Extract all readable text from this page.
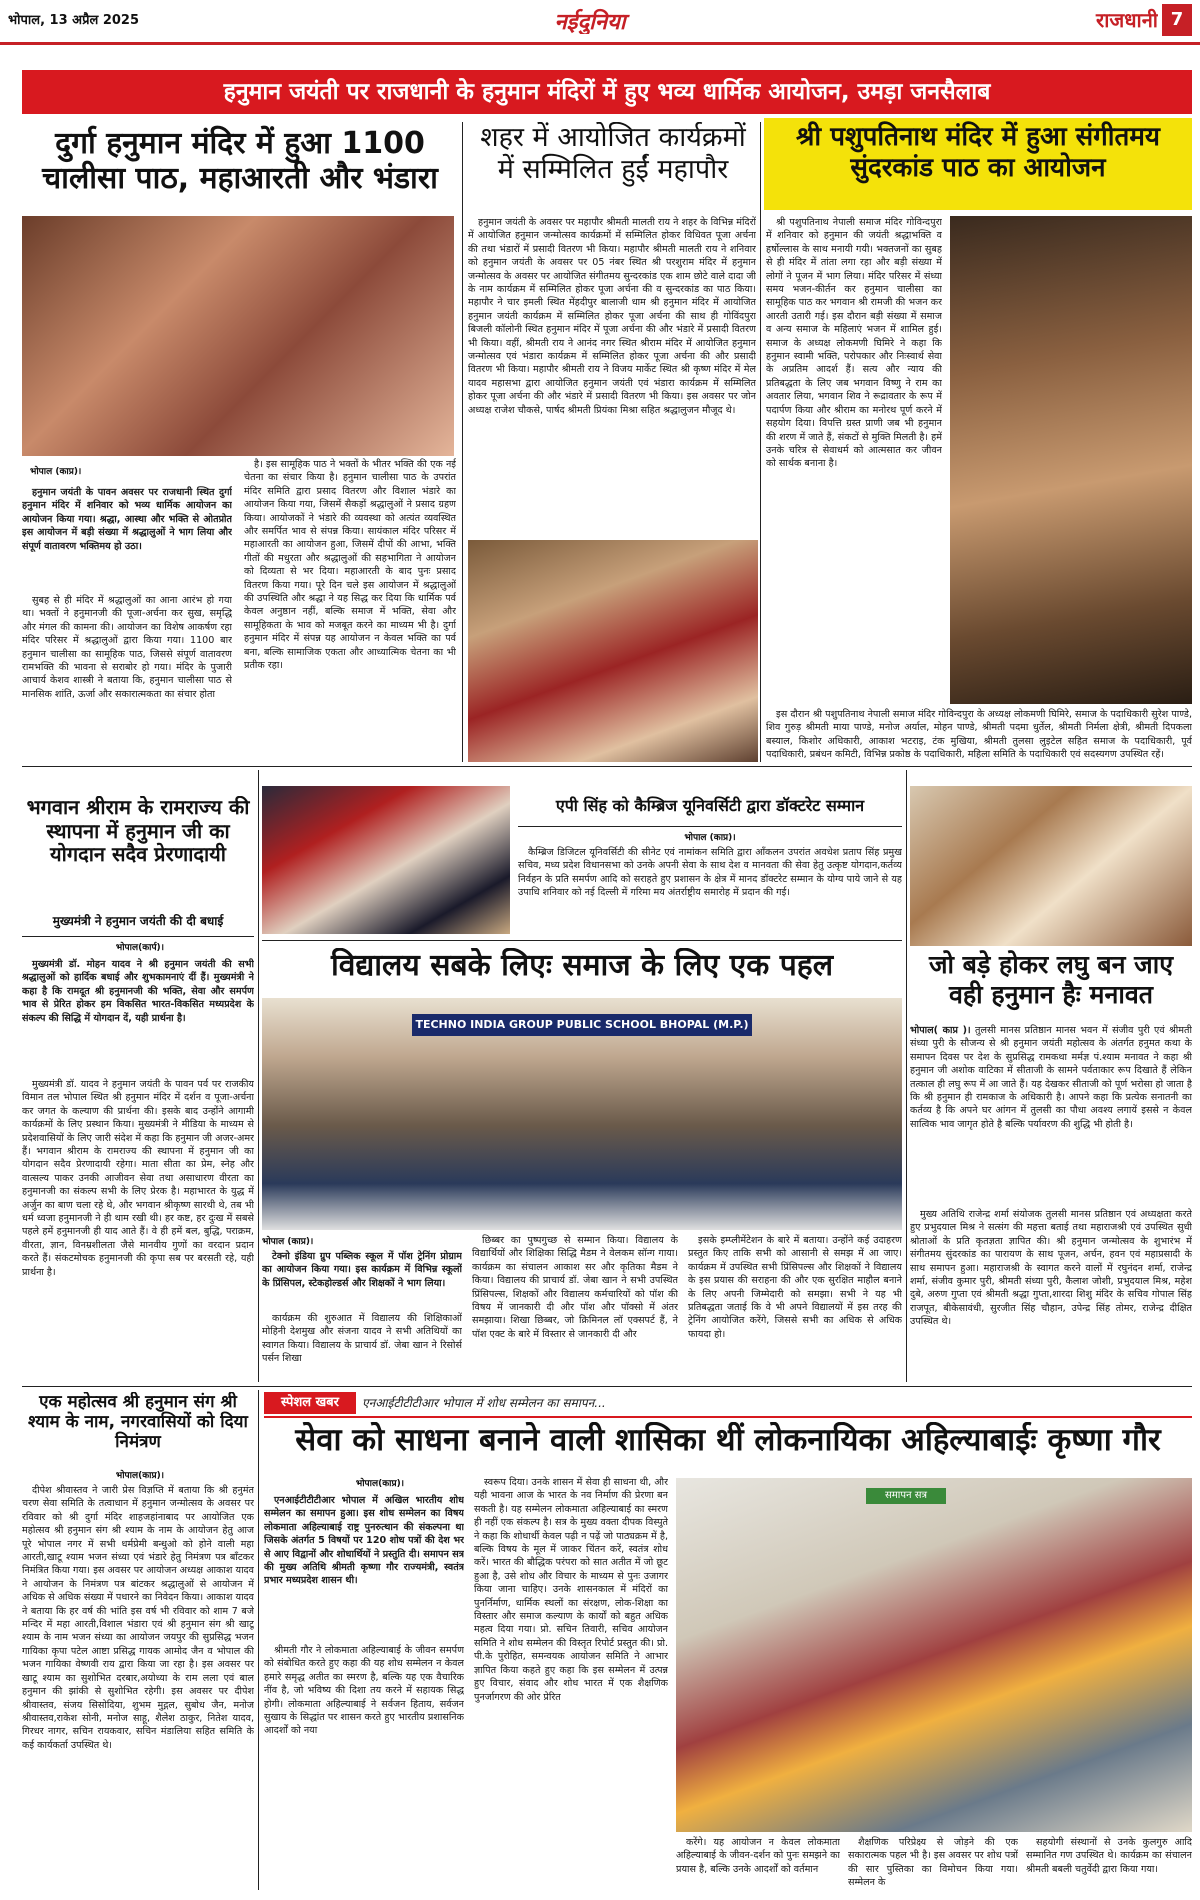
भोपाल, 13 अप्रैल 2025	नईदुनिया	राजधानी 7
हनुमान जयंती पर राजधानी के हनुमान मंदिरों में हुए भव्य धार्मिक आयोजन, उमड़ा जनसैलाब
दुर्गा हनुमान मंदिर में हुआ 1100 चालीसा पाठ, महाआरती और भंडारा
भोपाल (काप्र)।

हनुमान जयंती के पावन अवसर पर राजधानी स्थित दुर्गा हनुमान मंदिर में शनिवार को भव्य धार्मिक आयोजन का आयोजन किया गया। श्रद्धा, आस्था और भक्ति से ओतप्रोत इस आयोजन में बड़ी संख्या में श्रद्धालुओं ने भाग लिया और संपूर्ण वातावरण भक्तिमय हो उठा।

सुबह से ही मंदिर में श्रद्धालुओं का आना आरंभ हो गया था। भक्तों ने हनुमानजी की पूजा-अर्चना कर सुख, समृद्धि और मंगल की कामना की। आयोजन का विशेष आकर्षण रहा मंदिर परिसर में श्रद्धालुओं द्वारा किया गया। 1100 बार हनुमान चालीसा का सामूहिक पाठ, जिससे संपूर्ण वातावरण रामभक्ति की भावना से सराबोर हो गया। मंदिर के पुजारी आचार्य केशव शास्त्री ने बताया कि, हनुमान चालीसा पाठ से मानसिक शांति, ऊर्जा और सकारात्मकता का संचार होता

है। इस सामूहिक पाठ ने भक्तों के भीतर भक्ति की एक नई चेतना का संचार किया है। हनुमान चालीसा पाठ के उपरांत मंदिर समिति द्वारा प्रसाद वितरण और विशाल भंडारे का आयोजन किया गया, जिसमें सैकड़ों श्रद्धालुओं ने प्रसाद ग्रहण किया। आयोजकों ने भंडारे की व्यवस्था को अत्यंत व्यवस्थित और समर्पित भाव से संपन्न किया। सायंकाल मंदिर परिसर में महाआरती का आयोजन हुआ, जिसमें दीपों की आभा, भक्ति गीतों की मधुरता और श्रद्धालुओं की सहभागिता ने आयोजन को दिव्यता से भर दिया। महाआरती के बाद पुनः प्रसाद वितरण किया गया। पूरे दिन चले इस आयोजन में श्रद्धालुओं की उपस्थिति और श्रद्धा ने यह सिद्ध कर दिया कि धार्मिक पर्व केवल अनुष्ठान नहीं, बल्कि समाज में भक्ति, सेवा और सामूहिकता के भाव को मजबूत करने का माध्यम भी है। दुर्गा हनुमान मंदिर में संपन्न यह आयोजन न केवल भक्ति का पर्व बना, बल्कि सामाजिक एकता और आध्यात्मिक चेतना का भी प्रतीक रहा।

शहर में आयोजित कार्यक्रमों में सम्मिलित हुईं महापौर

हनुमान जयंती के अवसर पर महापौर श्रीमती मालती राय ने शहर के विभिन्न मंदिरों में आयोजित हनुमान जन्मोत्सव कार्यक्रमों में सम्मिलित होकर विधिवत पूजा अर्चना की तथा भंडारों में प्रसादी वितरण भी किया। महापौर श्रीमती मालती राय ने शनिवार को हनुमान जयंती के अवसर पर 05 नंबर स्थित श्री परशुराम मंदिर में हनुमान जन्मोत्सव के अवसर पर आयोजित संगीतमय सुन्दरकांड एक शाम छोटे वाले दादा जी के नाम कार्यक्रम में सम्मिलित होकर पूजा अर्चना की व सुन्दरकांड का पाठ किया। महापौर ने चार इमली स्थित मेंहदीपुर बालाजी धाम श्री हनुमान मंदिर में आयोजित हनुमान जयंती कार्यक्रम में सम्मिलित होकर पूजा अर्चना की साथ ही गोविंदपुरा बिजली कॉलोनी स्थित हनुमान मंदिर में पूजा अर्चना की और भंडारे में प्रसादी वितरण भी किया। वहीं, श्रीमती राय ने आनंद नगर स्थित श्रीराम मंदिर में आयोजित हनुमान जन्मोत्सव एवं भंडारा कार्यक्रम में सम्मिलित होकर पूजा अर्चना की और प्रसादी वितरण भी किया। महापौर श्रीमती राय ने विजय मार्केट स्थित श्री कृष्ण मंदिर में मेल यादव महासभा द्वारा आयोजित हनुमान जयंती एवं भंडारा कार्यक्रम में सम्मिलित होकर पूजा अर्चना की और भंडारे में प्रसादी वितरण भी किया। इस अवसर पर जोन अध्यक्ष राजेश चौकसे, पार्षद श्रीमती प्रियंका मिश्रा सहित श्रद्धालुजन मौजूद थे।

श्री पशुपतिनाथ मंदिर में हुआ संगीतमय सुंदरकांड पाठ का आयोजन

श्री पशुपतिनाथ नेपाली समाज मंदिर गोविन्दपुरा में शनिवार को हनुमान की जयंती श्रद्धाभक्ति व हर्षोल्लास के साथ मनायी गयी। भक्तजनों का सुबह से ही मंदिर में तांता लगा रहा और बड़ी संख्या में लोगों ने पूजन में भाग लिया। मंदिर परिसर में संध्या समय भजन-कीर्तन कर हनुमान चालीसा का सामूहिक पाठ कर भगवान श्री रामजी की भजन कर आरती उतारी गई। इस दौरान बड़ी संख्या में समाज व अन्य समाज के महिलाएं भजन में शामिल हुई। समाज के अध्यक्ष लोकमणी घिमिरे ने कहा कि हनुमान स्वामी भक्ति, परोपकार और निःस्वार्थ सेवा के अप्रतिम आदर्श हैं। सत्य और न्याय की प्रतिबद्धता के लिए जब भगवान विष्णु ने राम का अवतार लिया, भगवान शिव ने रूद्रावतार के रूप में पदार्पण किया और श्रीराम का मनोरथ पूर्ण करने में सहयोग दिया। विपत्ति ग्रस्त प्राणी जब भी हनुमान की शरण में जाते हैं, संकटों से मुक्ति मिलती है। हमें उनके चरित्र से सेवाधर्म को आत्मसात कर जीवन को सार्थक बनाना है।

इस दौरान श्री पशुपतिनाथ नेपाली समाज मंदिर गोविन्दपुरा के अध्यक्ष लोकमणी घिमिरे, समाज के पदाधिकारी सुरेश पाण्डे, शिव गुरुड़ श्रीमती माया पाण्डे, मनोज अर्याल, मोहन पाण्डे, श्रीमती पदमा धुर्तेल, श्रीमती निर्मला क्षेत्री, श्रीमती दिपकला बस्याल, किशोर अधिकारी, आकाश भटराइ, टंक मुखिया, श्रीमती तुलसा लुइटेल सहित समाज के पदाधिकारी, पूर्व पदाधिकारी, प्रबंधन कमिटी, विभिन्न प्रकोष्ठ के पदाधिकारी, महिला समिति के पदाधिकारी एवं सदस्यगण उपस्थित रहें।

भगवान श्रीराम के रामराज्य की स्थापना में हनुमान जी का योगदान सदैव प्रेरणादायी
मुख्यमंत्री ने हनुमान जयंती की दी बधाई
भोपाल(कार्प)।

मुख्यमंत्री डॉ. मोहन यादव ने श्री हनुमान जयंती की सभी श्रद्धालुओं को हार्दिक बधाई और शुभकामनाएं दीं हैं। मुख्यमंत्री ने कहा है कि रामदूत श्री हनुमानजी की भक्ति, सेवा और समर्पण भाव से प्रेरित होकर हम विकसित भारत-विकसित मध्यप्रदेश के संकल्प की सिद्धि में योगदान दें, यही प्रार्थना है।

मुख्यमंत्री डॉ. यादव ने हनुमान जयंती के पावन पर्व पर राजकीय विमान तल भोपाल स्थित श्री हनुमान मंदिर में दर्शन व पूजा-अर्चना कर जगत के कल्याण की प्रार्थना की। इसके बाद उन्होंने आगामी कार्यक्रमों के लिए प्रस्थान किया। मुख्यमंत्री ने मीडिया के माध्यम से प्रदेशवासियों के लिए जारी संदेश में कहा कि हनुमान जी अजर-अमर हैं। भगवान श्रीराम के रामराज्य की स्थापना में हनुमान जी का योगदान सदैव प्रेरणादायी रहेगा। माता सीता का प्रेम, स्नेह और वात्सल्य पाकर उनकी आजीवन सेवा तथा असाधारण वीरता का हनुमानजी का संकल्प सभी के लिए प्रेरक है। महाभारत के युद्ध में अर्जुन का बाण चला रहे थे, और भगवान श्रीकृष्ण सारथी थे, तब भी धर्म ध्वजा हनुमानजी ने ही थाम रखी थी। हर कष्ट, हर दुःख में सबसे पहले हमें हनुमानजी ही याद आते हैं। वे ही हमें बल, बुद्धि, पराक्रम, वीरता, ज्ञान, विनम्रशीलता जैसे मानवीय गुणों का वरदान प्रदान करते हैं। संकटमोचक हनुमानजी की कृपा सब पर बरसती रहे, यही प्रार्थना है।

एपी सिंह को कैम्ब्रिज यूनिवर्सिटी द्वारा डॉक्टरेट सम्मान
भोपाल (काप्र)।

कैम्ब्रिज डिजिटल यूनिवर्सिटी की सीनेट एवं नामांकन समिति द्वारा आँकलन उपरांत अवधेश प्रताप सिंह प्रमुख सचिव, मध्य प्रदेश विधानसभा को उनके अपनी सेवा के साथ देश व मानवता की सेवा हेतु उत्कृष्ट योगदान,कर्तव्य निर्वहन के प्रति समर्पण आदि को सराहते हुए प्रशासन के क्षेत्र में मानद डॉक्टरेट सम्मान के योग्य पाये जाने से यह उपाधि शनिवार को नई दिल्ली में गरिमा मय अंतर्राष्ट्रीय समारोह में प्रदान की गई।

जो बड़े होकर लघु बन जाए वही हनुमान हैः मनावत

भोपाल( काप्र )। तुलसी मानस प्रतिष्ठान मानस भवन में संजीव पुरी एवं श्रीमती संध्या पुरी के सौजन्य से श्री हनुमान जयंती महोत्सव के अंतर्गत हनुमत कथा के समापन दिवस पर देश के सुप्रसिद्ध रामकथा मर्मज्ञ पं.श्याम मनावत ने कहा श्री हनुमान जी अशोक वाटिका में सीताजी के सामने पर्वताकार रूप दिखाते हैं लेकिन तत्काल ही लघु रूप में आ जाते हैं। यह देखकर सीताजी को पूर्ण भरोसा हो जाता है कि श्री हनुमान ही रामकाज के अधिकारी है। आपने कहा कि प्रत्येक सनातनी का कर्तव्य है कि अपने घर आंगन में तुलसी का पौधा अवश्य लगायें इससे न केवल सात्विक भाव जागृत होते है बल्कि पर्यावरण की शुद्धि भी होती है।

मुख्य अतिथि राजेन्द्र शर्मा संयोजक तुलसी मानस प्रतिष्ठान एवं अध्यक्षता करते हुए प्रभुदयाल मिश्र ने सत्संग की महत्ता बताई तथा महाराजश्री एवं उपस्थित सुधी श्रोताओं के प्रति कृतज्ञता ज्ञापित की। श्री हनुमान जन्मोत्सव के शुभारंभ में संगीतमय सुंदरकांड का पारायण के साथ पूजन, अर्चन, हवन एवं महाप्रसादी के साथ समापन हुआ। महाराजश्री के स्वागत करने वालों में रघुनंदन शर्मा, राजेन्द्र शर्मा, संजीव कुमार पुरी, श्रीमती संध्या पुरी, कैलाश जोशी, प्रभुदयाल मिश्र, महेश दुबे, अरुण गुप्ता एवं श्रीमती श्रद्धा गुप्ता,शारदा शिशु मंदिर के सचिव गोपाल सिंह राजपूत, बीकेसावंधी, सुरजीत सिंह चौहान, उपेन्द्र सिंह तोमर, राजेन्द्र दीक्षित उपस्थित थे।

विद्यालय सबके लिएः समाज के लिए एक पहल
TECHNO INDIA GROUP PUBLIC SCHOOL BHOPAL (M.P.)
भोपाल (काप्र)।

टेक्नो इंडिया ग्रुप पब्लिक स्कूल में पॉश ट्रेनिंग प्रोग्राम का आयोजन किया गया। इस कार्यक्रम में विभिन्न स्कूलों के प्रिंसिपल, स्टेकहोल्डर्स और शिक्षकों ने भाग लिया।

कार्यक्रम की शुरुआत में विद्यालय की शिक्षिकाओं मोहिनी देशमुख और संजना यादव ने सभी अतिथियों का स्वागत किया। विद्यालय के प्राचार्य डॉ. जेबा खान ने रिसोर्स पर्सन शिखा

छिब्बर का पुष्पगुच्छ से सम्मान किया। विद्यालय के विद्यार्थियों और शिक्षिका सिद्धि मैडम ने वेलकम सॉन्ग गाया। कार्यक्रम का संचालन आकाश सर और कृतिका मैडम ने किया। विद्यालय की प्राचार्य डॉ. जेबा खान ने सभी उपस्थित प्रिंसिपल्स, शिक्षकों और विद्यालय कर्मचारियों को पॉश की विषय में जानकारी दी और पॉश और पॉक्सो में अंतर समझाया। शिखा छिब्बर, जो क्रिमिनल लॉ एक्सपर्ट हैं, ने पॉश एक्ट के बारे में विस्तार से जानकारी दी और

इसके इम्प्लीमेंटेशन के बारे में बताया। उन्होंने कई उदाहरण प्रस्तुत किए ताकि सभी को आसानी से समझ में आ जाए। कार्यक्रम में उपस्थित सभी प्रिंसिपल्स और शिक्षकों ने विद्यालय के इस प्रयास की सराहना की और एक सुरक्षित माहौल बनाने के लिए अपनी जिम्मेदारी को समझा। सभी ने यह भी प्रतिबद्धता जताई कि वे भी अपने विद्यालयों में इस तरह की ट्रेनिंग आयोजित करेंगे, जिससे सभी का अधिक से अधिक फायदा हो।

एक महोत्सव श्री हनुमान संग श्री श्याम के नाम, नगरवासियों को दिया निमंत्रण
भोपाल(काप्र)।

दीपेश श्रीवास्तव ने जारी प्रेस विज्ञप्ति में बताया कि श्री हनुमंत चरण सेवा समिति के तत्वाधान में हनुमान जन्मोत्सव के अवसर पर रविवार को श्री दुर्गा मंदिर शाहजहांनाबाद पर आयोजित एक महोत्सव श्री हनुमान संग श्री श्याम के नाम के आयोजन हेतु आज पूरे भोपाल नगर में सभी धर्मप्रेमी बन्धुओ को होने वाली महा आरती,खाटू श्याम भजन संध्या एवं भंडारे हेतु निमंत्रण पत्र बाँटकर निमंत्रित किया गया। इस अवसर पर आयोजन अध्यक्ष आकाश यादव ने आयोजन के निमंत्रण पत्र बांटकर श्रद्धालुओं से आयोजन में अधिक से अधिक संख्या में पधारने का निवेदन किया। आकाश यादव ने बताया कि हर वर्ष की भांति इस वर्ष भी रविवार को शाम 7 बजे मन्दिर में महा आरती,विशाल भंडारा एवं श्री हनुमान संग श्री खाटू श्याम के नाम भजन संध्या का आयोजन जयपुर की सुप्रसिद्ध भजन गायिका कृपा पटेल आष्टा प्रसिद्ध गायक आमोद जैन व भोपाल की भजन गायिका वेष्णवी राय द्वारा किया जा रहा है। इस अवसर पर खाटू श्याम का सुशोभित दरबार,अयोध्या के राम लला एवं बाल हनुमान की झांकी से सुशोभित रहेगी। इस अवसर पर दीपेश श्रीवास्तव, संजय सिसोदिया, शुभम मुद्गल, सुबोध जैन, मनोज श्रीवास्तव,राकेश सोनी, मनोज साहू, शैलेश ठाकुर, नितेश यादव, गिरधर नागर, सचिन रायकवार, सचिन मंडालिया सहित समिति के कई कार्यकर्ता उपस्थित थे।

स्पेशल खबर	एनआईटीटीटीआर भोपाल में शोध सम्मेलन का समापन...
सेवा को साधना बनाने वाली शासिका थीं लोकनायिका अहिल्याबाईः कृष्णा गौर
भोपाल(काप्र)।

एनआईटीटीटीआर भोपाल में अखिल भारतीय शोध सम्मेलन का समापन हुआ। इस शोध सम्मेलन का विषय लोकमाता अहिल्याबाई राष्ट्र पुनरुत्थान की संकल्पना था जिसके अंतर्गत 5 विषयों पर 120 शोध पत्रों की देश भर से आए विद्वानों और शोधार्थियों ने प्रस्तुति दी। समापन सत्र की मुख्य अतिथि श्रीमती कृष्णा गौर राज्यमंत्री, स्वतंत्र प्रभार मध्यप्रदेश शासन थी।

श्रीमती गौर ने लोकमाता अहिल्याबाई के जीवन समर्पण को संबोधित करते हुए कहा की यह शोध सम्मेलन न केवल हमारे समृद्ध अतीत का स्मरण है, बल्कि यह एक वैचारिक नींव है, जो भविष्य की दिशा तय करने में सहायक सिद्ध होगी। लोकमाता अहिल्याबाई ने सर्वजन हिताय, सर्वजन सुखाय के सिद्धांत पर शासन करते हुए भारतीय प्रशासनिक आदर्शों को नया

स्वरूप दिया। उनके शासन में सेवा ही साधना थी, और यही भावना आज के भारत के नव निर्माण की प्रेरणा बन सकती है। यह सम्मेलन लोकमाता अहिल्याबाई का स्मरण ही नहीं एक संकल्प है। सत्र के मुख्य वक्ता दीपक विस्पुते ने कहा कि शोधार्थी केवल पढ़ी न पढ़ें जो पाठ्यक्रम में है, बल्कि विषय के मूल में जाकर चिंतन करें, स्वतंत्र शोध करें। भारत की बौद्धिक परंपरा को सात अतीत में जो छूट हुआ है, उसे शोध और विचार के माध्यम से पुनः उजागर किया जाना चाहिए। उनके शासनकाल में मंदिरों का पुनर्निर्माण, धार्मिक स्थलों का संरक्षण, लोक-शिक्षा का विस्तार और समाज कल्याण के कार्यों को बहुत अधिक महत्व दिया गया। प्रो. सचिन तिवारी, सचिव आयोजन समिति ने शोध सम्मेलन की विस्तृत रिपोर्ट प्रस्तुत की। प्रो. पी.के पुरोहित, समन्वयक आयोजन समिति ने आभार ज्ञापित किया कहते हुए कहा कि इस सम्मेलन में उत्पन्न हुए विचार, संवाद और शोध भारत में एक शैक्षणिक पुनर्जागरण की ओर प्रेरित

समापन सत्र

करेंगे। यह आयोजन न केवल लोकमाता अहिल्याबाई के जीवन-दर्शन को पुनः समझने का प्रयास है, बल्कि उनके आदर्शों को वर्तमान

शैक्षणिक परिप्रेक्ष्य से जोड़ने की एक सकारात्मक पहल भी है। इस अवसर पर शोध पत्रों की सार पुस्तिका का विमोचन किया गया। सम्मेलन के

सहयोगी संस्थानों से उनके कुलगुरु आदि सम्मानित गण उपस्थित थे। कार्यक्रम का संचालन श्रीमती बबली चतुर्वेदी द्वारा किया गया।
